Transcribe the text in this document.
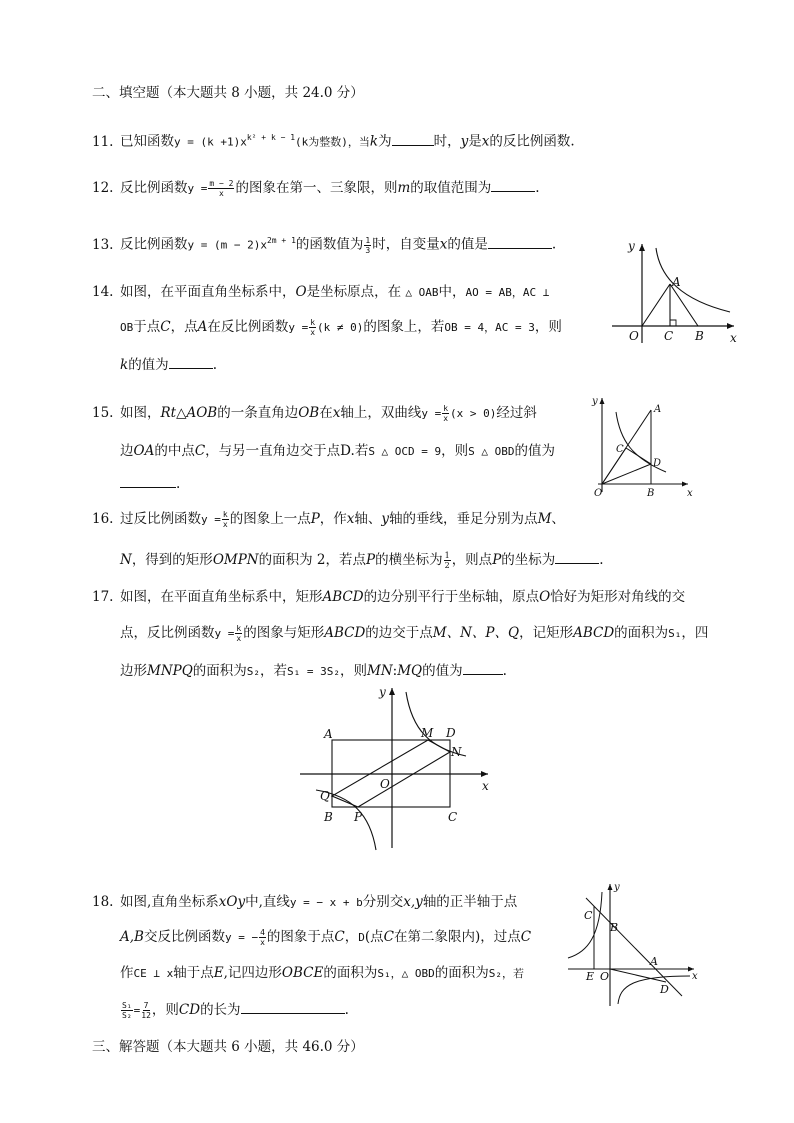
二、填空题（本大题共 8 小题，共 24.0 分）
11. 已知函数$y = (k +1)x^{k^2 + k - 1}(k$为整数)，当k为	时，y是x的反比例函数.
12. 反比例函数$y = \frac{m - 2}{x}$ 的图象在第一、三象限，则m的取值范围为	.
13. 反比例函数$y = (m - 2)x^{2m + 1}$的函数值为 $\frac{1}{3}$ 时，自变量x的值是	.
14. 如图，在平面直角坐标系中，O是坐标原点，在 △ OAB中，AO = AB，AC ⊥
OB于点C，点A在反比例函数$y = \frac{k}{x} (k \ne 0)$的图象上，若OB = 4，AC = 3，则
k的值为	.
y
A
O C B x
15. 如图，Rt△AOB的一条直角边OB在x轴上，双曲线$y = \frac{k}{x} (x > 0)$经过斜
边OA的中点C，与另一直角边交于点D.若S △ OCD = 9，则S △ OBD的值为
.
y
A
C
D
O	B	x
16. 过反比例函数$y = \frac{k}{x}$ 的图象上一点P，作x轴、y轴的垂线，垂足分别为点M、
N，得到的矩形OMPN的面积为 2，若点P的横坐标为 $\frac{1}{2}$ ，则点P的坐标为	.
17. 如图，在平面直角坐标系中，矩形ABCD的边分别平行于坐标轴，原点O恰好为矩形对角线的交
点，反比例函数$y = \frac{k}{x}$ 的图象与矩形ABCD的边交于点M、N、P、Q，记矩形ABCD的面积为S₁，四
边形MNPQ的面积为S₂，若S₁ = 3S₂，则MN:MQ的值为	.
y
A	M D
N
O	x
Q
B P	C
18. 如图,直角坐标系xOy中,直线y = − x + b分别交x,y轴的正半轴于点
A,B交反比例函数y = − $\frac{4}{x}$ 的图象于点C，D(点C在第二象限内)，过点C
作CE ⊥ x轴于点E,记四边形OBCE的面积为S₁，△ OBD的面积为S₂，若
$\frac{\text{S₁}}{\text{S₂}} = \frac{7}{12}$ ，则CD的长为	.
y
C
B
A
E O	x
D
三、解答题（本大题共 6 小题，共 46.0 分）
